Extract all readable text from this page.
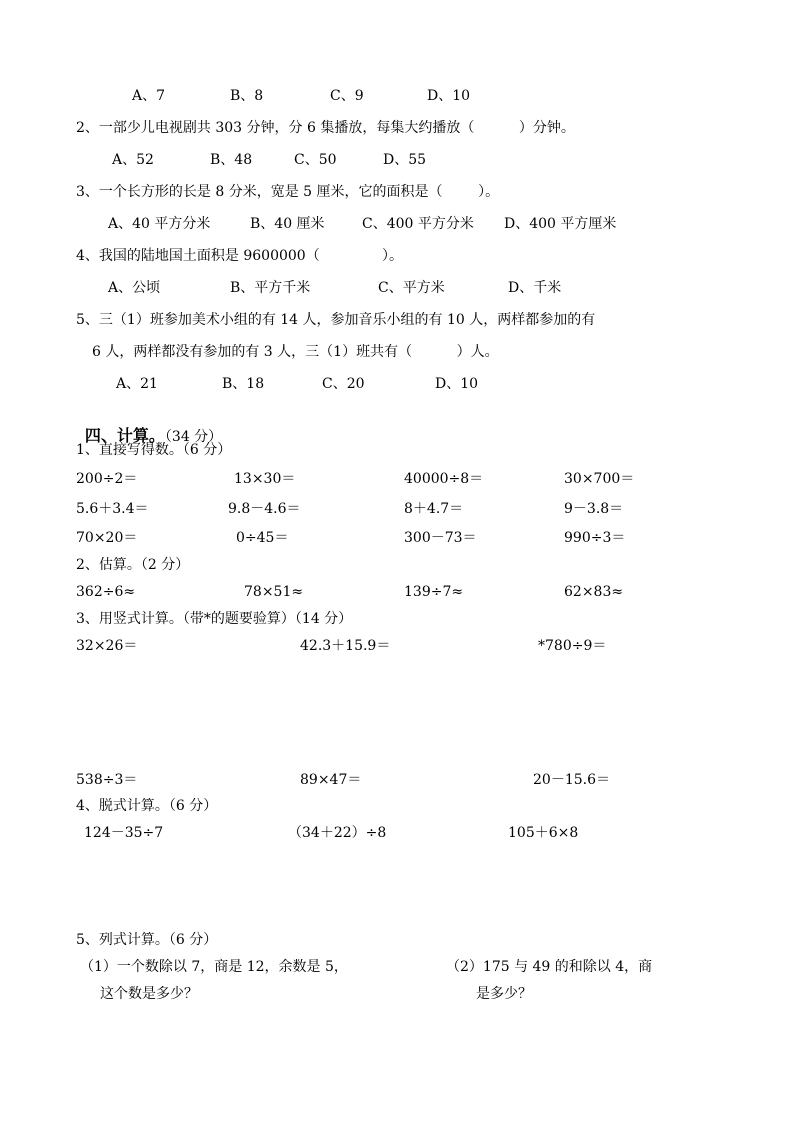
A、7	B、8	C、9	D、10
2、一部少儿电视剧共 303 分钟，分 6 集播放，每集大约播放（          ）分钟。
A、52	B、48	C、50	D、55
3、一个长方形的长是 8 分米，宽是 5 厘米，它的面积是（        ）。
A、40 平方分米	B、40 厘米	C、400 平方分米 D、400 平方厘米
4、我国的陆地国土面积是 9600000（              ）。
A、公顷	B、平方千米	C、平方米	D、千米
5、三（1）班参加美术小组的有 14 人，参加音乐小组的有 10 人，两样都参加的有
6 人，两样都没有参加的有 3 人，三（1）班共有（          ）人。
A、21	B、18	C、20	D、10

四、计算。（34 分）

1、直接写得数。（6 分）
200÷2＝	13×30＝	40000÷8＝	30×700＝
5.6＋3.4＝	9.8－4.6＝	8＋4.7＝	9－3.8＝
70×20＝	0÷45＝	300－73＝	990÷3＝
2、估算。（2 分）
362÷6≈	78×51≈	139÷7≈	62×83≈
3、用竖式计算。（带*的题要验算）（14 分）
32×26＝	42.3＋15.9＝	*780÷9＝
538÷3＝	89×47＝	20－15.6＝
4、脱式计算。（6 分）
124－35÷7	（34＋22）÷8	105＋6×8
5、列式计算。（6 分）
（1）一个数除以 7，商是 12，余数是 5，
这个数是多少？
（2）175 与 49 的和除以 4，商
是多少？
